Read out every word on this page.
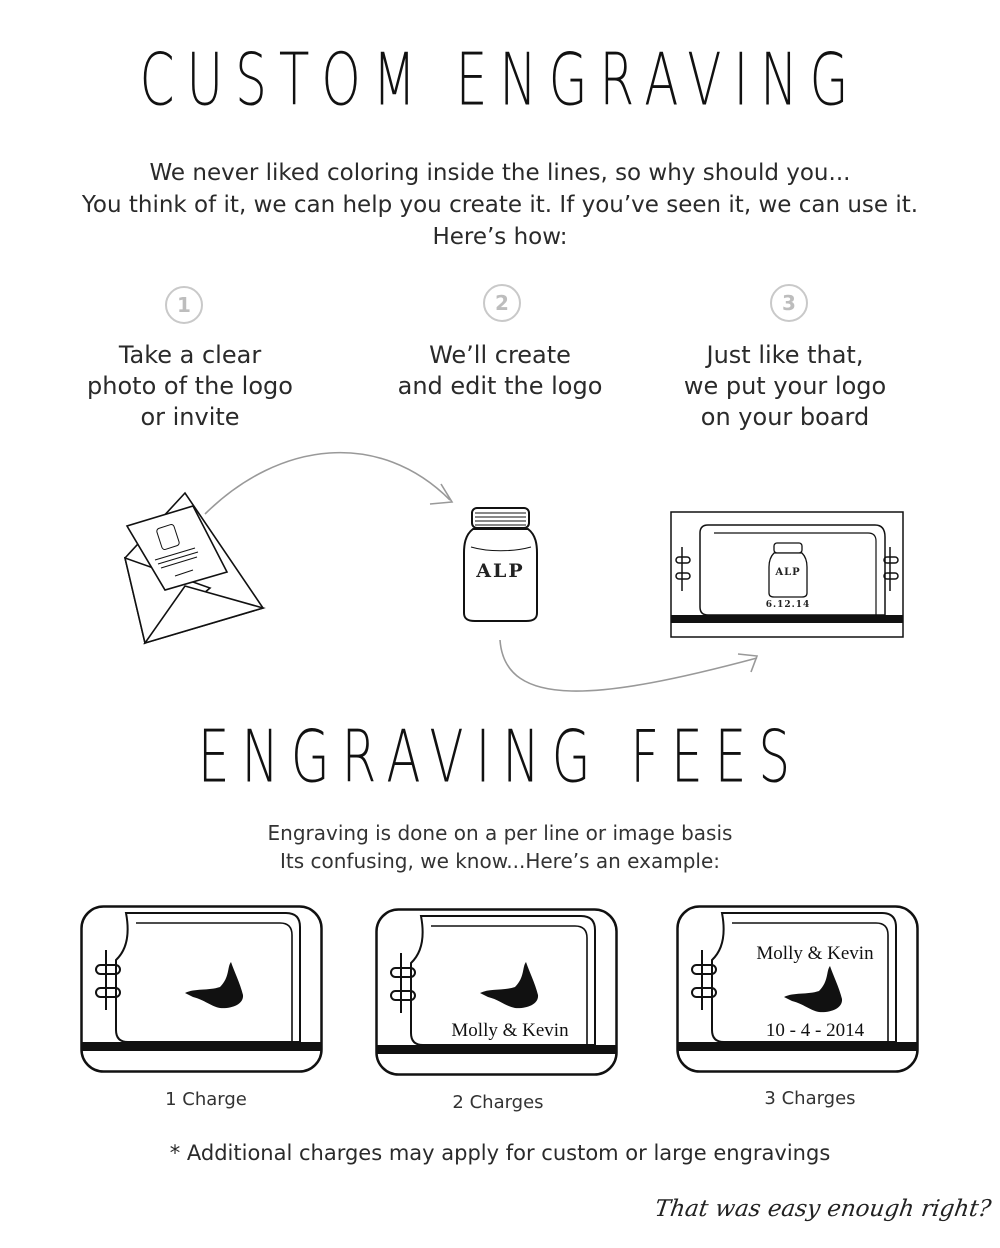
CUSTOM ENGRAVING
We never liked coloring inside the lines, so why should you...
You think of it, we can help you create it. If you’ve seen it, we can use it.
Here’s how:
1	2	3
Take a clear
photo of the logo
or invite
We’ll create
and edit the logo
Just like that,
we put your logo
on your board
ALP	ALP
6.12.14
ENGRAVING FEES
Engraving is done on a per line or image basis
Its confusing, we know...Here’s an example:
Molly & Kevin
Molly & Kevin
10 - 4 - 2014
1 Charge	2 Charges	3 Charges
* Additional charges may apply for custom or large engravings
That was easy enough right?
